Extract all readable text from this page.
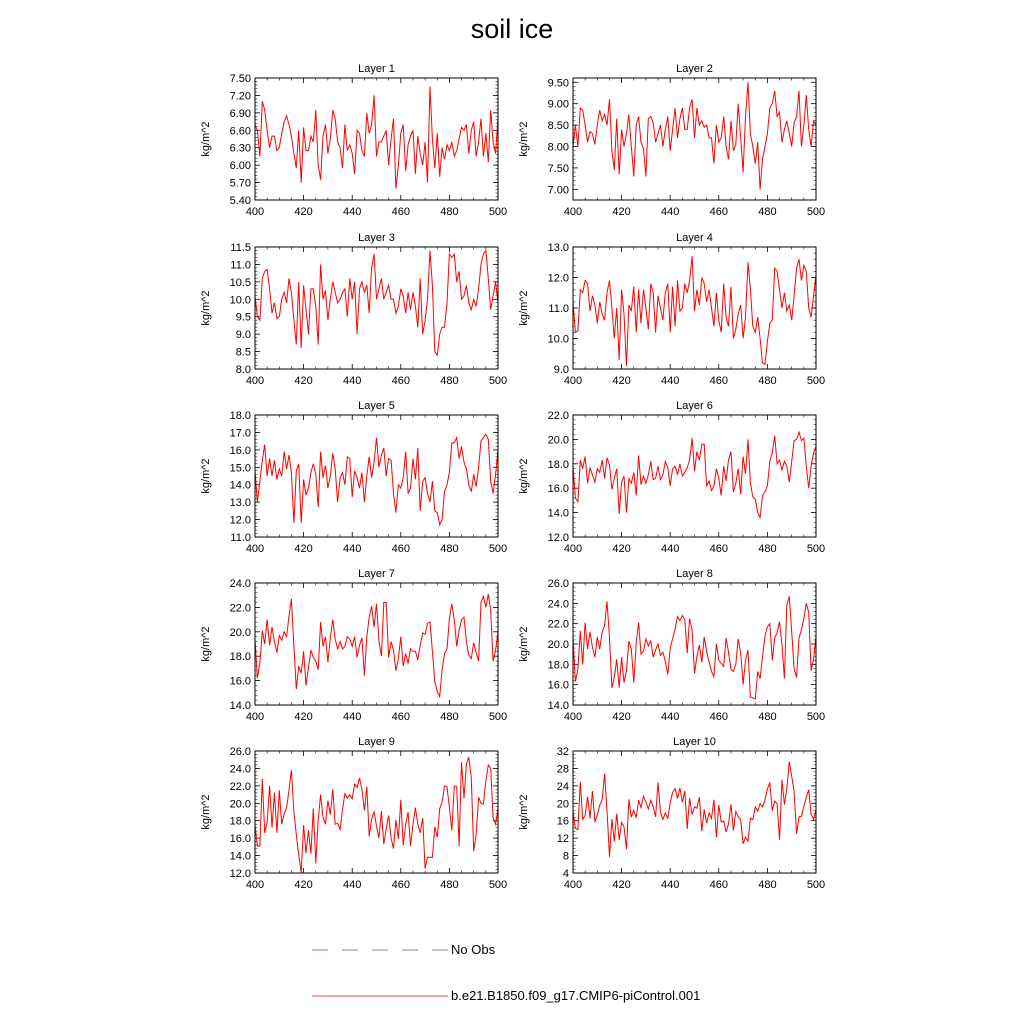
soil ice
Layer 1
kg/m^2
400	420	440	460	480	500
5.40
5.70
6.00
6.30
6.60
6.90
7.20
7.50
Layer 2
kg/m^2
400	420	440	460	480	500
7.00
7.50
8.00
8.50
9.00
9.50
Layer 3
kg/m^2
400	420	440	460	480	500
8.0
8.5
9.0
9.5
10.0
10.5
11.0
11.5
Layer 4
kg/m^2
400	420	440	460	480	500
9.0
10.0
11.0
12.0
13.0
Layer 5
kg/m^2
400	420	440	460	480	500
11.0
12.0
13.0
14.0
15.0
16.0
17.0
18.0
Layer 6
kg/m^2
400	420	440	460	480	500
12.0
14.0
16.0
18.0
20.0
22.0
Layer 7
kg/m^2
400	420	440	460	480	500
14.0
16.0
18.0
20.0
22.0
24.0
Layer 8
kg/m^2
400	420	440	460	480	500
14.0
16.0
18.0
20.0
22.0
24.0
26.0
Layer 9
kg/m^2
400	420	440	460	480	500
12.0
14.0
16.0
18.0
20.0
22.0
24.0
26.0
Layer 10
kg/m^2
400	420	440	460	480	500
4
8
12
16
20
24
28
32
No Obs
b.e21.B1850.f09_g17.CMIP6-piControl.001
